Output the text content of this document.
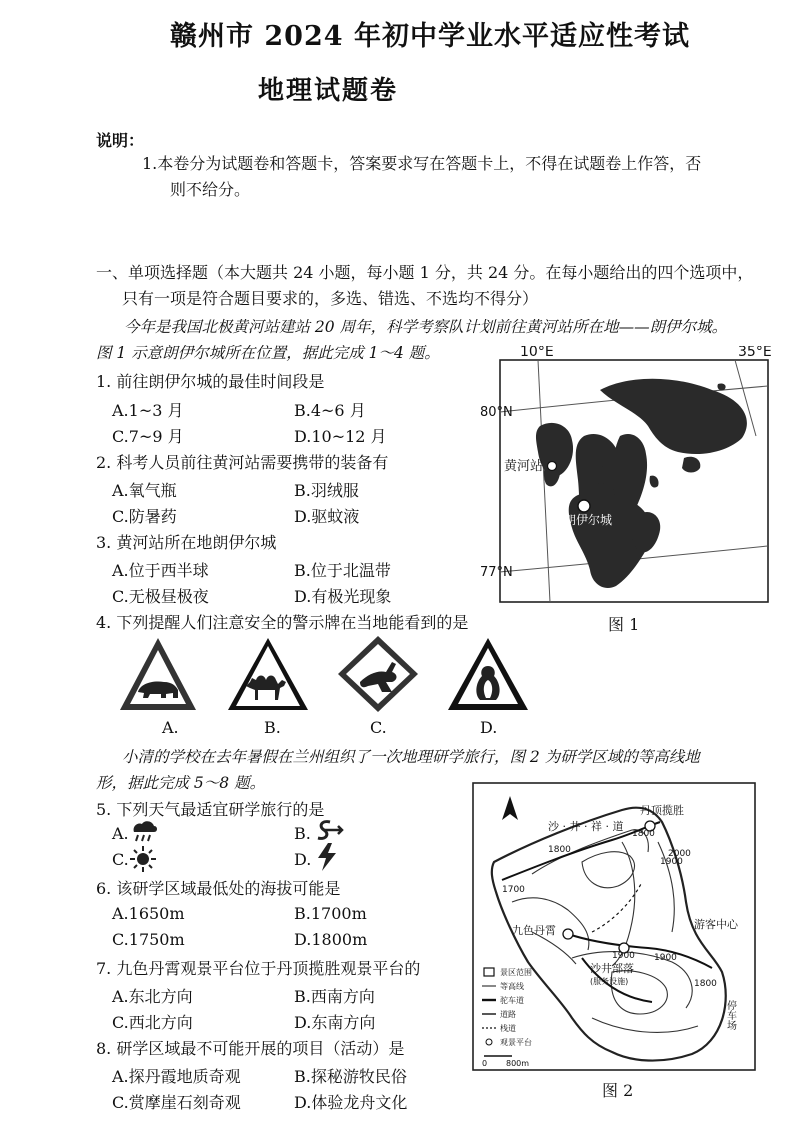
赣州市 2024 年初中学业水平适应性考试
地理试题卷
说明：
1.本卷分为试题卷和答题卡，答案要求写在答题卡上，不得在试题卷上作答，否
则不给分。
一、单项选择题（本大题共 24 小题，每小题 1 分，共 24 分。在每小题给出的四个选项中，
只有一项是符合题目要求的，多选、错选、不选均不得分）
今年是我国北极黄河站建站 20 周年，科学考察队计划前往黄河站所在地——朗伊尔城。
图 1 示意朗伊尔城所在位置，据此完成 1～4 题。
1. 前往朗伊尔城的最佳时间段是
A.1~3 月	B.4~6 月
C.7~9 月	D.10~12 月
2. 科考人员前往黄河站需要携带的装备有
A.氧气瓶	B.羽绒服
C.防暑药	D.驱蚊液
3. 黄河站所在地朗伊尔城
A.位于西半球	B.位于北温带
C.无极昼极夜	D.有极光现象
4. 下列提醒人们注意安全的警示牌在当地能看到的是
10°E	35°E
80°N
77°N
黄河站
朗伊尔城
图 1
A.	B.	C.	D.
小清的学校在去年暑假在兰州组织了一次地理研学旅行，图 2 为研学区域的等高线地
形，据此完成 5～8 题。
5. 下列天气最适宜研学旅行的是
A.	B.
C.	D.
6. 该研学区域最低处的海拔可能是
A.1650m	B.1700m
C.1750m	D.1800m
7. 九色丹霄观景平台位于丹顶揽胜观景平台的
A.东北方向	B.西南方向
C.西北方向	D.东南方向
8. 研学区域最不可能开展的项目（活动）是
A.探丹霞地质奇观	B.探秘游牧民俗
C.赏摩崖石刻奇观	D.体验龙舟文化
丹顶揽胜
沙 · 井 · 祥 · 道
九色丹霄	游客中心
沙井部落
(服务设施)
停车场
1800
1900
2000
1800
1700
1900 1900
1800
景区范围
等高线
驼车道
道路
栈道
观景平台
0 800m
图 2
